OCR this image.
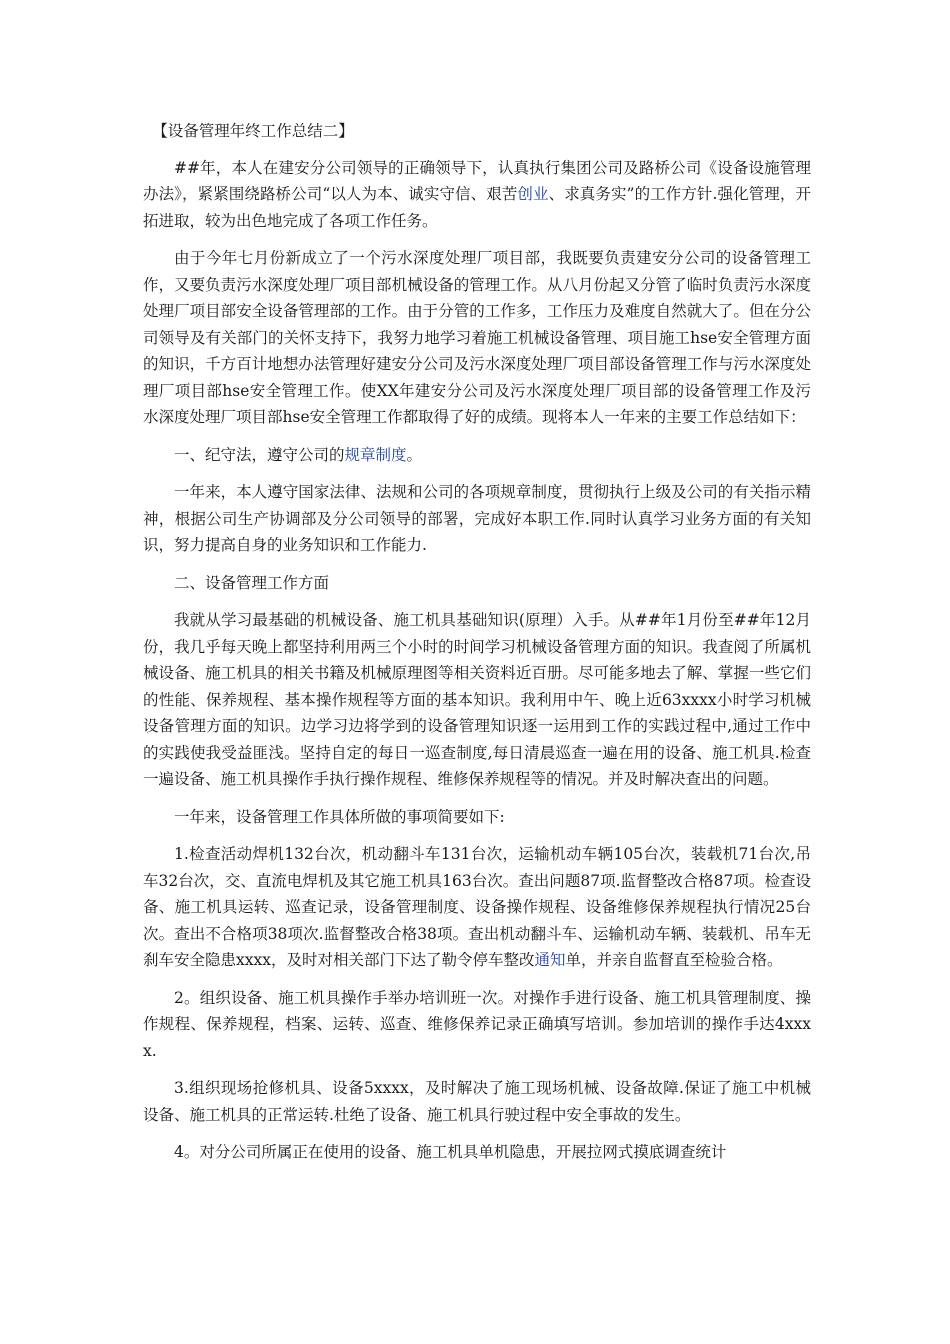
【设备管理年终工作总结二】

##年，本人在建安分公司领导的正确领导下，认真执行集团公司及路桥公司《设备设施管理办法》，紧紧围绕路桥公司“以人为本、诚实守信、艰苦创业、求真务实”的工作方针.强化管理，开拓进取，较为出色地完成了各项工作任务。

由于今年七月份新成立了一个污水深度处理厂项目部，我既要负责建安分公司的设备管理工作，又要负责污水深度处理厂项目部机械设备的管理工作。从八月份起又分管了临时负责污水深度处理厂项目部安全设备管理部的工作。由于分管的工作多，工作压力及难度自然就大了。但在分公司领导及有关部门的关怀支持下，我努力地学习着施工机械设备管理、项目施工hse安全管理方面的知识，千方百计地想办法管理好建安分公司及污水深度处理厂项目部设备管理工作与污水深度处理厂项目部hse安全管理工作。使XX年建安分公司及污水深度处理厂项目部的设备管理工作及污水深度处理厂项目部hse安全管理工作都取得了好的成绩。现将本人一年来的主要工作总结如下：

一、纪守法，遵守公司的规章制度。

一年来，本人遵守国家法律、法规和公司的各项规章制度，贯彻执行上级及公司的有关指示精神，根据公司生产协调部及分公司领导的部署，完成好本职工作.同时认真学习业务方面的有关知识，努力提高自身的业务知识和工作能力.

二、设备管理工作方面

我就从学习最基础的机械设备、施工机具基础知识(原理）入手。从##年1月份至##年12月份，我几乎每天晚上都坚持利用两三个小时的时间学习机械设备管理方面的知识。我查阅了所属机械设备、施工机具的相关书籍及机械原理图等相关资料近百册。尽可能多地去了解、掌握一些它们的性能、保养规程、基本操作规程等方面的基本知识。我利用中午、晚上近63xxxx小时学习机械设备管理方面的知识。边学习边将学到的设备管理知识逐一运用到工作的实践过程中,通过工作中的实践使我受益匪浅。坚持自定的每日一巡查制度,每日清晨巡查一遍在用的设备、施工机具.检查一遍设备、施工机具操作手执行操作规程、维修保养规程等的情况。并及时解决查出的问题。

一年来，设备管理工作具体所做的事项简要如下:

1.检查活动焊机132台次，机动翻斗车131台次，运输机动车辆105台次，装载机71台次,吊车32台次，交、直流电焊机及其它施工机具163台次。查出问题87项.监督整改合格87项。检查设备、施工机具运转、巡查记录，设备管理制度、设备操作规程、设备维修保养规程执行情况25台次。查出不合格项38项次.监督整改合格38项。查出机动翻斗车、运输机动车辆、装载机、吊车无刹车安全隐患xxxx，及时对相关部门下达了勒令停车整改通知单，并亲自监督直至检验合格。

2。组织设备、施工机具操作手举办培训班一次。对操作手进行设备、施工机具管理制度、操作规程、保养规程，档案、运转、巡查、维修保养记录正确填写培训。参加培训的操作手达4xxxx.

3.组织现场抢修机具、设备5xxxx，及时解决了施工现场机械、设备故障.保证了施工中机械设备、施工机具的正常运转.杜绝了设备、施工机具行驶过程中安全事故的发生。

4。对分公司所属正在使用的设备、施工机具单机隐患，开展拉网式摸底调查统计
